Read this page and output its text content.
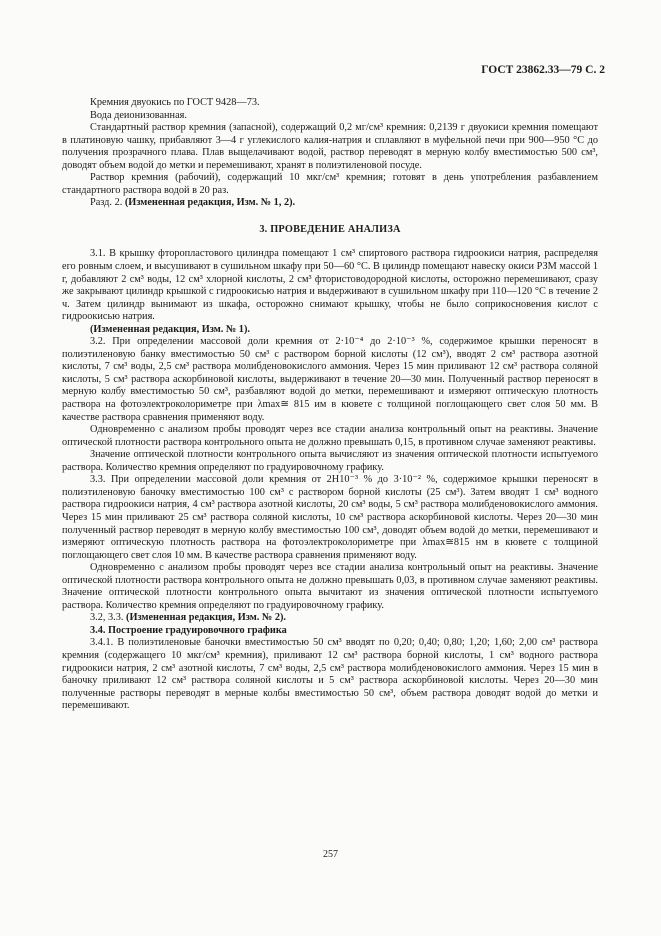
ГОСТ 23862.33—79 С. 2

Кремния двуокись по ГОСТ 9428—73.

Вода деионизованная.

Стандартный раствор кремния (запасной), содержащий 0,2 мг/см³ кремния: 0,2139 г двуокиси кремния помещают в платиновую чашку, прибавляют 3—4 г углекислого калия-натрия и сплавляют в муфельной печи при 900—950 °С до получения прозрачного плава. Плав выщелачивают водой, раствор переводят в мерную колбу вместимостью 500 см³, доводят объем водой до метки и перемешивают, хранят в полиэтиленовой посуде.

Раствор кремния (рабочий), содержащий 10 мкг/см³ кремния; готовят в день употребления разбавлением стандартного раствора водой в 20 раз.

Разд. 2. (Измененная редакция, Изм. № 1, 2).

3. ПРОВЕДЕНИЕ АНАЛИЗА

3.1. В крышку фторопластового цилиндра помещают 1 см³ спиртового раствора гидроокиси натрия, распределяя его ровным слоем, и высушивают в сушильном шкафу при 50—60 °С. В цилиндр помещают навеску окиси РЗМ массой 1 г, добавляют 2 см³ воды, 12 см³ хлорной кислоты, 2 см³ фтористоводородной кислоты, осторожно перемешивают, сразу же закрывают цилиндр крышкой с гидроокисью натрия и выдерживают в сушильном шкафу при 110—120 °С в течение 2 ч. Затем цилиндр вынимают из шкафа, осторожно снимают крышку, чтобы не было соприкосновения кислот с гидроокисью натрия.

(Измененная редакция, Изм. № 1).

3.2. При определении массовой доли кремния от 2·10⁻⁴ до 2·10⁻³ %, содержимое крышки переносят в полиэтиленовую банку вместимостью 50 см³ с раствором борной кислоты (12 см³), вводят 2 см³ раствора азотной кислоты, 7 см³ воды, 2,5 см³ раствора молибденовокислого аммония. Через 15 мин приливают 12 см³ раствора соляной кислоты, 5 см³ раствора аскорбиновой кислоты, выдерживают в течение 20—30 мин. Полученный раствор переносят в мерную колбу вместимостью 50 см³, разбавляют водой до метки, перемешивают и измеряют оптическую плотность раствора на фотоэлектроколориметре при λmax≅ 815 им в кювете с толщиной поглощающего свет слоя 50 мм. В качестве раствора сравнения применяют воду.

Одновременно с анализом пробы проводят через все стадии анализа контрольный опыт на реактивы. Значение оптической плотности раствора контрольного опыта не должно превышать 0,15, в противном случае заменяют реактивы.

Значение оптической плотности контрольного опыта вычисляют из значения оптической плотности испытуемого раствора. Количество кремния определяют по градуировочному графику.

3.3. При определении массовой доли кремния от 2Н10⁻³ % до 3·10⁻² %, содержимое крышки переносят в полиэтиленовую баночку вместимостью 100 см³ с раствором борной кислоты (25 см³). Затем вводят 1 см³ водного раствора гидроокиси натрия, 4 см³ раствора азотной кислоты, 20 см³ воды, 5 см³ раствора молибденовокислого аммония. Через 15 мин приливают 25 см³ раствора соляной кислоты, 10 см³ раствора аскорбиновой кислоты. Через 20—30 мин полученный раствор переводят в мерную колбу вместимостью 100 см³, доводят объем водой до метки, перемешивают и измеряют оптическую плотность раствора на фотоэлектроколориметре при λmax≅815 нм в кювете с толщиной поглощающего свет слоя 10 мм. В качестве раствора сравнения применяют воду.

Одновременно с анализом пробы проводят через все стадии анализа контрольный опыт на реактивы. Значение оптической плотности раствора контрольного опыта не должно превышать 0,03, в противном случае заменяют реактивы. Значение оптической плотности контрольного опыта вычитают из значения оптической плотности испытуемого раствора. Количество кремния определяют по градуировочному графику.

3.2, 3.3. (Измененная редакция, Изм. № 2).

3.4. Построение градуировочного графика

3.4.1. В полиэтиленовые баночки вместимостью 50 см³ вводят по 0,20; 0,40; 0,80; 1,20; 1,60; 2,00 см³ раствора кремния (содержащего 10 мкг/см³ кремния), приливают 12 см³ раствора борной кислоты, 1 см³ водного раствора гидроокиси натрия, 2 см³ азотной кислоты, 7 см³ воды, 2,5 см³ раствора молибденовокислого аммония. Через 15 мин в баночку приливают 12 см³ раствора соляной кислоты и 5 см³ раствора аскорбиновой кислоты. Через 20—30 мин полученные растворы переводят в мерные колбы вместимостью 50 см³, объем раствора доводят водой до метки и перемешивают.

257
